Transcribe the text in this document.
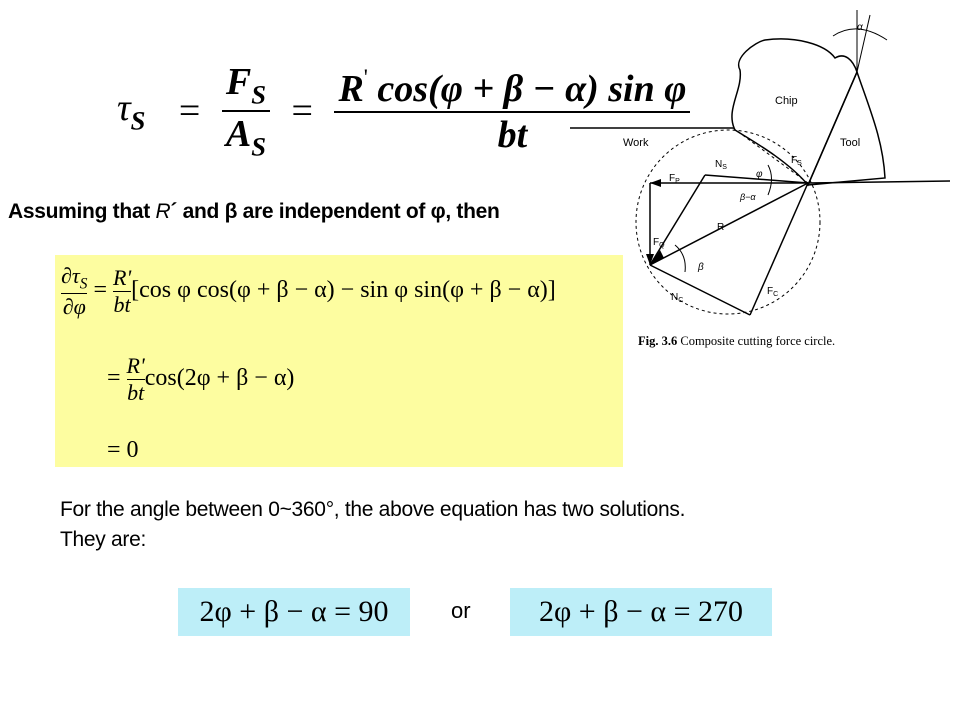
$\tau_S = \frac{F_S}{A_S} = \frac{R' \cos(\varphi + \beta - \alpha) \sin \varphi}{bt}$
Assuming that R´ and β are independent of φ, then
$\frac{\partial\tau_S}{\partial\varphi} = \frac{R'}{bt} [\cos$ φ cos(φ + β − α) − sin φ sin(φ + β − α)]
= $\frac{R'}{bt} \cos(2\varphi + \beta - \alpha)$
= 0
For the angle between 0~360°, the above equation has two solutions.
They are:
2φ + β − α = 90	or	2φ + β − α = 270
α
Chip
Work	Tool
$F_S$
$N_S$
$F_P$
φ
β−α
$F_Q$
R
β
$N_C$
$F_C$
Fig. 3.6 Composite cutting force circle.
